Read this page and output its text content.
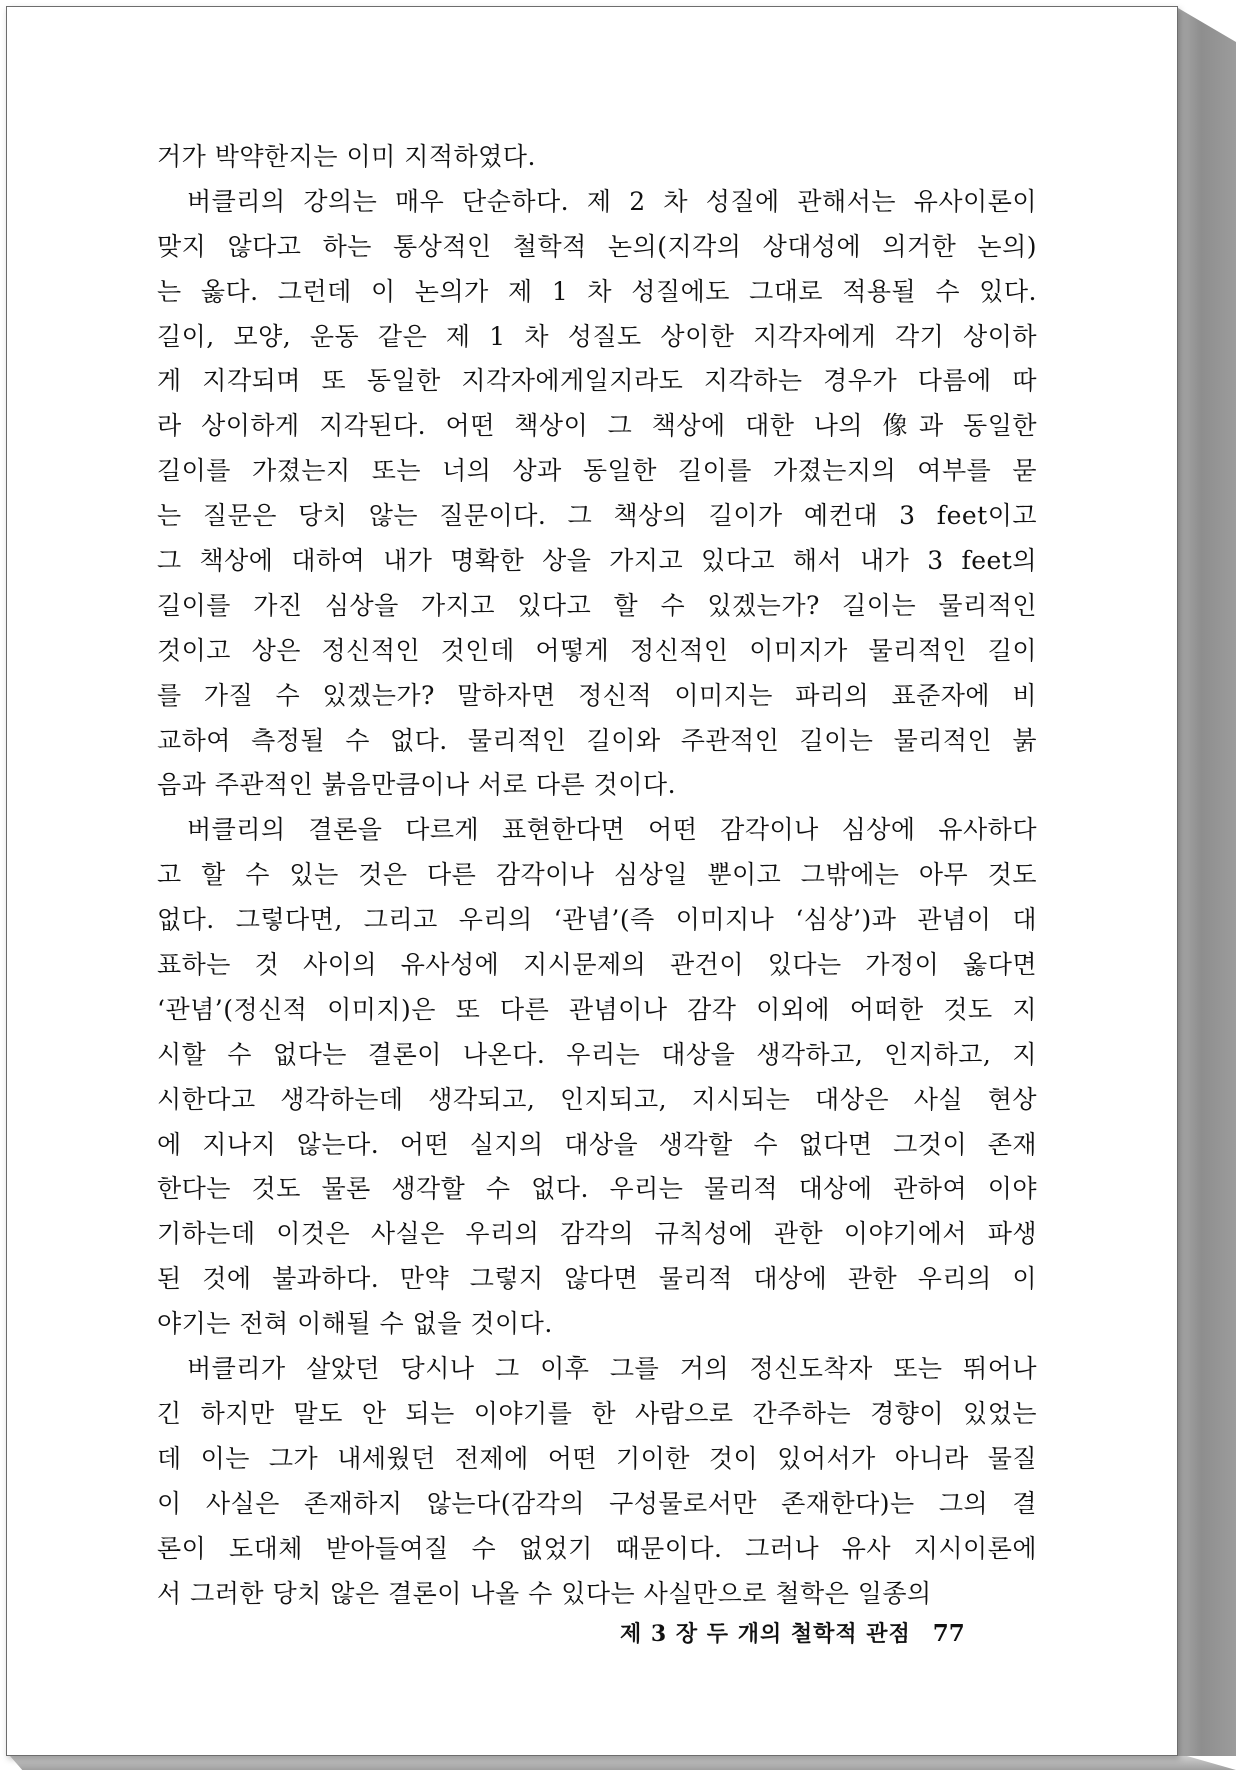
거가 박약한지는 이미 지적하였다.
버클리의 강의는 매우 단순하다. 제 2 차 성질에 관해서는 유사이론이
맞지 않다고 하는 통상적인 철학적 논의(지각의 상대성에 의거한 논의)
는 옳다. 그런데 이 논의가 제 1 차 성질에도 그대로 적용될 수 있다.
길이, 모양, 운동 같은 제 1 차 성질도 상이한 지각자에게 각기 상이하
게 지각되며 또 동일한 지각자에게일지라도 지각하는 경우가 다름에 따
라 상이하게 지각된다. 어떤 책상이 그 책상에 대한 나의 像과 동일한
길이를 가졌는지 또는 너의 상과 동일한 길이를 가졌는지의 여부를 묻
는 질문은 당치 않는 질문이다. 그 책상의 길이가 예컨대 3 feet이고
그 책상에 대하여 내가 명확한 상을 가지고 있다고 해서 내가 3 feet의
길이를 가진 심상을 가지고 있다고 할 수 있겠는가? 길이는 물리적인
것이고 상은 정신적인 것인데 어떻게 정신적인 이미지가 물리적인 길이
를 가질 수 있겠는가? 말하자면 정신적 이미지는 파리의 표준자에 비
교하여 측정될 수 없다. 물리적인 길이와 주관적인 길이는 물리적인 붉
음과 주관적인 붉음만큼이나 서로 다른 것이다.
버클리의 결론을 다르게 표현한다면 어떤 감각이나 심상에 유사하다
고 할 수 있는 것은 다른 감각이나 심상일 뿐이고 그밖에는 아무 것도
없다. 그렇다면, 그리고 우리의 ‘관념’(즉 이미지나 ‘심상’)과 관념이 대
표하는 것 사이의 유사성에 지시문제의 관건이 있다는 가정이 옳다면
‘관념’(정신적 이미지)은 또 다른 관념이나 감각 이외에 어떠한 것도 지
시할 수 없다는 결론이 나온다. 우리는 대상을 생각하고, 인지하고, 지
시한다고 생각하는데 생각되고, 인지되고, 지시되는 대상은 사실 현상
에 지나지 않는다. 어떤 실지의 대상을 생각할 수 없다면 그것이 존재
한다는 것도 물론 생각할 수 없다. 우리는 물리적 대상에 관하여 이야
기하는데 이것은 사실은 우리의 감각의 규칙성에 관한 이야기에서 파생
된 것에 불과하다. 만약 그렇지 않다면 물리적 대상에 관한 우리의 이
야기는 전혀 이해될 수 없을 것이다.
버클리가 살았던 당시나 그 이후 그를 거의 정신도착자 또는 뛰어나
긴 하지만 말도 안 되는 이야기를 한 사람으로 간주하는 경향이 있었는
데 이는 그가 내세웠던 전제에 어떤 기이한 것이 있어서가 아니라 물질
이 사실은 존재하지 않는다(감각의 구성물로서만 존재한다)는 그의 결
론이 도대체 받아들여질 수 없었기 때문이다. 그러나 유사 지시이론에
서 그러한 당치 않은 결론이 나올 수 있다는 사실만으로 철학은 일종의
제 3 장 두 개의 철학적 관점 77
